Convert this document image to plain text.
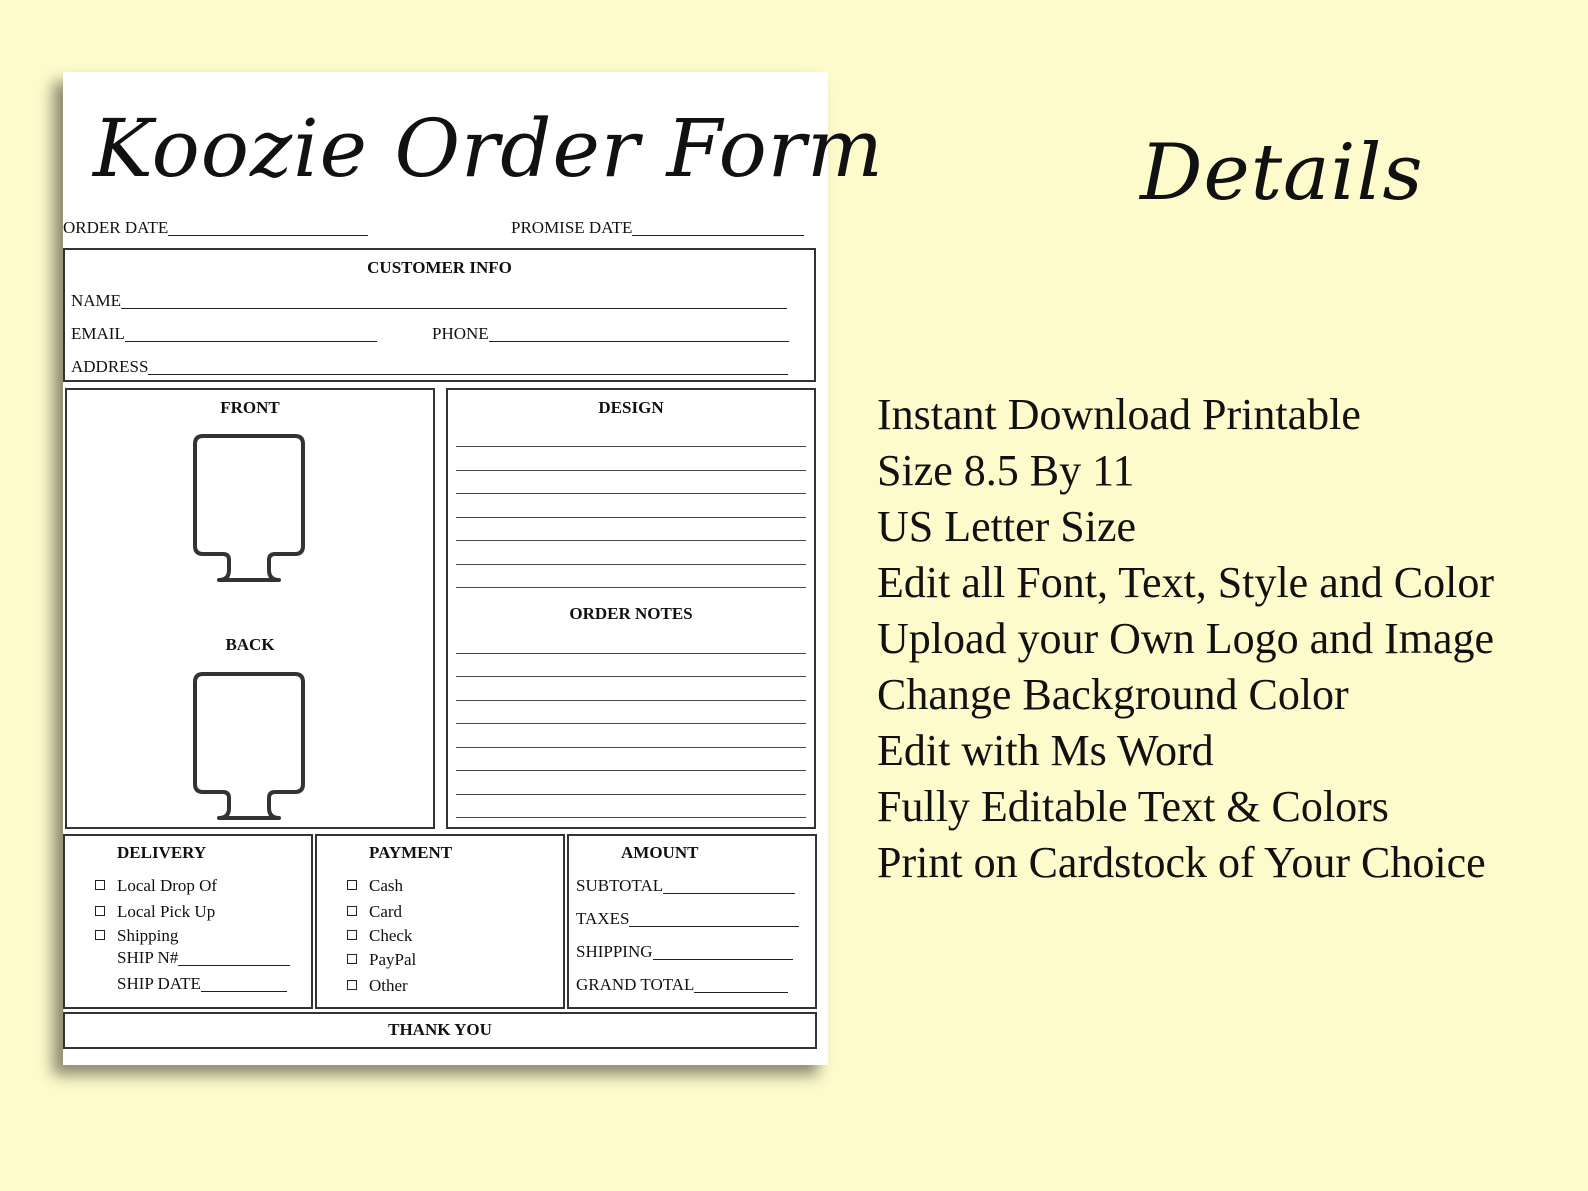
Koozie Order Form
ORDER DATE	PROMISE DATE
CUSTOMER INFO
NAME
EMAIL	PHONE
ADDRESS
FRONT
BACK
DESIGN
ORDER NOTES
DELIVERY
Local Drop Of
Local Pick Up
Shipping
SHIP N#
SHIP DATE
PAYMENT
Cash
Card
Check
PayPal
Other
AMOUNT
SUBTOTAL
TAXES
SHIPPING
GRAND TOTAL
THANK YOU
Details
Instant Download Printable
Size 8.5 By 11
US Letter Size
Edit all Font, Text, Style and Color
Upload your Own Logo and Image
Change Background Color
Edit with Ms Word
Fully Editable Text & Colors
Print on Cardstock of Your Choice
